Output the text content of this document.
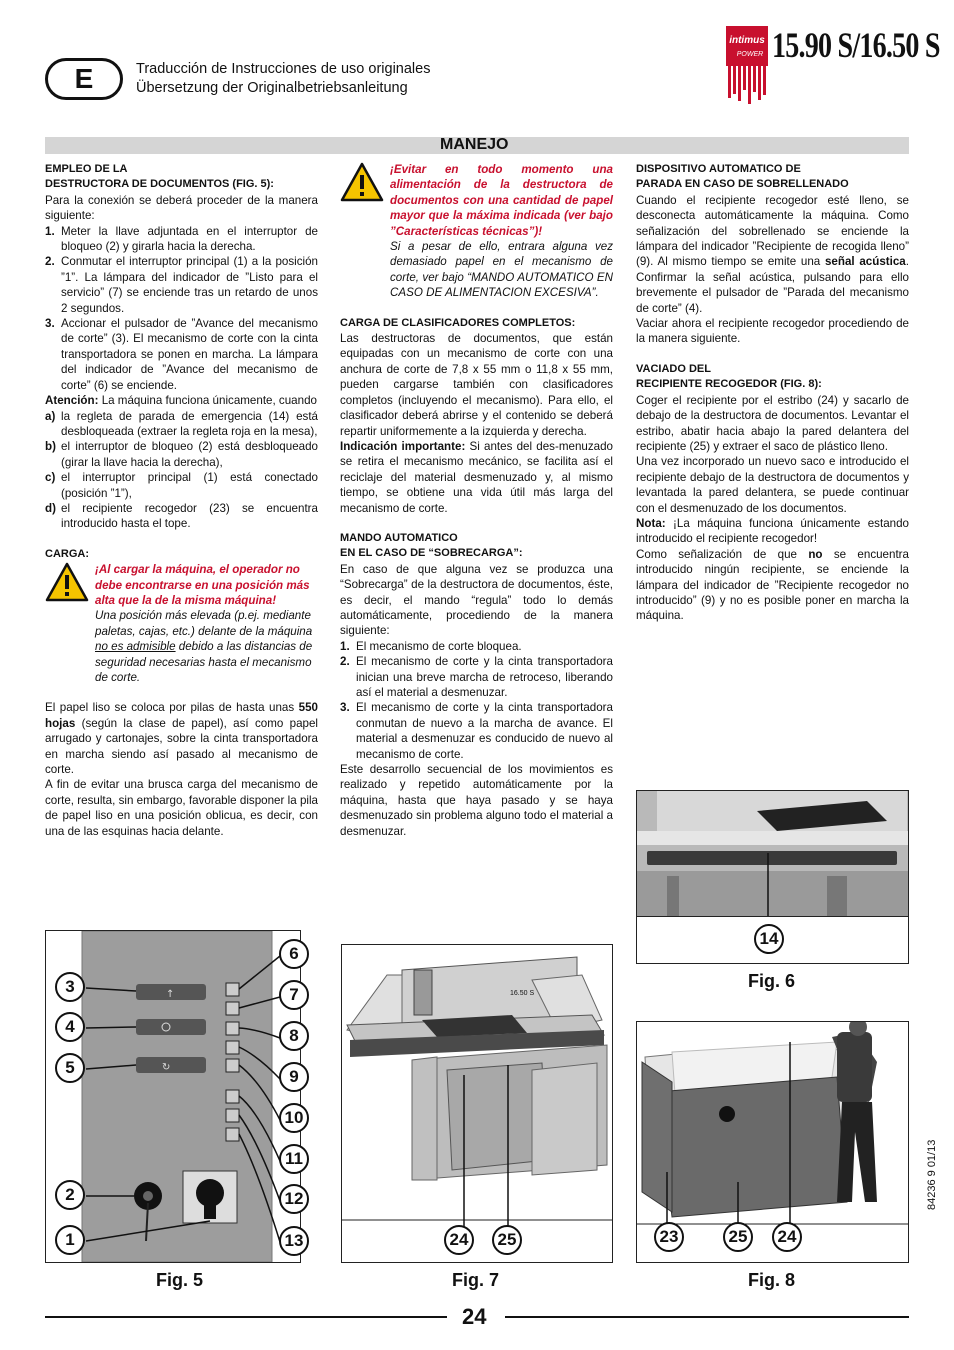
E	Traducción de Instrucciones de uso originales
Übersetzung der Originalbetriebsanleitung
intimus
POWER 15.90 S/16.50 S
MANEJO

EMPLEO DE LA

DESTRUCTORA DE DOCUMENTOS (FIG. 5):

Para la conexión se deberá proceder de la manera siguiente:

1. Meter la llave adjuntada en el interruptor de bloqueo (2) y girarla hacia la derecha.
2. Conmutar el interruptor principal (1) a la posición ”1”. La lámpara del indicador de ”Listo para el servicio” (7) se enciende tras un retardo de unos 2 segundos.
3. Accionar el pulsador de ”Avance del mecanismo de corte” (3). El mecanismo de corte con la cinta transportadora se ponen en marcha. La lámpara del indicador de ”Avance del mecanismo de corte” (6) se enciende.

Atención: La máquina funciona únicamente, cuando

a) la regleta de parada de emergencia (14) está desbloqueada (extraer la regleta roja en la mesa),
b) el interruptor de bloqueo (2) está desbloqueado (girar la llave hacia la derecha),
c) el interruptor principal (1) está conectado (posición ”1”),
d) el recipiente recogedor (23) se encuentra introducido hasta el tope.

CARGA:

¡Al cargar la máquina, el operador no debe encontrarse en una posición más alta que la de la misma máquina!

Una posición más elevada (p.ej. mediante paletas, cajas, etc.) delante de la máquina no es admisible debido a las distancias de seguridad necesarias hasta el mecanismo de corte.

El papel liso se coloca por pilas de hasta unas 550 hojas (según la clase de papel), así como papel arrugado y cartonajes, sobre la cinta transportadora en marcha siendo así pasado al mecanismo de corte.

A fin de evitar una brusca carga del mecanismo de corte, resulta, sin embargo, favorable disponer la pila de papel liso en una posición oblicua, es decir, con una de las esquinas hacia delante.

¡Evitar en todo momento una alimentación de la destructora de documentos con una cantidad de papel mayor que la máxima indicada (ver bajo ”Características técnicas”)!

Si a pesar de ello, entrara alguna vez demasiado papel en el mecanismo de corte, ver bajo “MANDO AUTOMATICO EN CASO DE ALIMENTACION EXCESIVA”.

CARGA DE CLASIFICADORES COMPLETOS:

Las destructoras de documentos, que están equipadas con un mecanismo de corte con una anchura de corte de 7,8 x 55 mm o 11,8 x 55 mm, pueden cargarse también con clasificadores completos (incluyendo el mecanismo). Para ello, el clasificador deberá abrirse y el contenido se deberá repartir uniformemente a la izquierda y derecha.

Indicación importante: Si antes del des-menuzado se retira el mecanismo mecánico, se facilita así el reciclaje del material desmenuzado y, al mismo tiempo, se obtiene una vida útil más larga del mecanismo de corte.

MANDO AUTOMATICO

EN EL CASO DE “SOBRECARGA”:

En caso de que alguna vez se produzca una “Sobrecarga” de la destructora de documentos, éste, es decir, el mando “regula” todo lo demás automáticamente, procediendo de la manera siguiente:

1. El mecanismo de corte bloquea.
2. El mecanismo de corte y la cinta transportadora inician una breve marcha de retroceso, liberando así el material a desmenuzar.
3. El mecanismo de corte y la cinta transportadora conmutan de nuevo a la marcha de avance. El material a desmenuzar es conducido de nuevo al mecanismo de corte.

Este desarrollo secuencial de los movimientos es realizado y repetido automáticamente por la máquina, hasta que haya pasado y se haya desmenuzado sin problema alguno todo el material a desmenuzar.

DISPOSITIVO AUTOMATICO DE

PARADA EN CASO DE SOBRELLENADO

Cuando el recipiente recogedor esté lleno, se desconecta automáticamente la máquina. Como señalización del sobrellenado se enciende la lámpara del indicador ”Recipiente de recogida lleno” (9). Al mismo tiempo se emite una señal acústica. Confirmar la señal acústica, pulsando para ello brevemente el pulsador de ”Parada del mecanismo de corte” (4).

Vaciar ahora el recipiente recogedor procediendo de la manera siguiente.

VACIADO DEL

RECIPIENTE RECOGEDOR (FIG. 8):

Coger el recipiente por el estribo (24) y sacarlo de debajo de la destructora de documentos. Levantar el estribo, abatir hacia abajo la pared delantera del recipiente (25) y extraer el saco de plástico lleno.

Una vez incorporado un nuevo saco e introducido el recipiente debajo de la destructora de documentos y levantada la pared delantera, se puede continuar con el desmenuzado de los documentos.

Nota: ¡La máquina funciona únicamente estando introducido el recipiente recogedor!

Como señalización de que no se encuentra introducido ningún recipiente, se enciende la lámpara del indicador de ”Recipiente recogedor no introducido” (9) y no es posible poner en marcha la máquina.

14
Fig. 6
↑
↻
3
4
5
2
1
6
7
8
9
10
11
12
13
Fig. 5
16.50 S
24	25
Fig. 7
23	25	24
Fig. 8
84236 9 01/13
24
